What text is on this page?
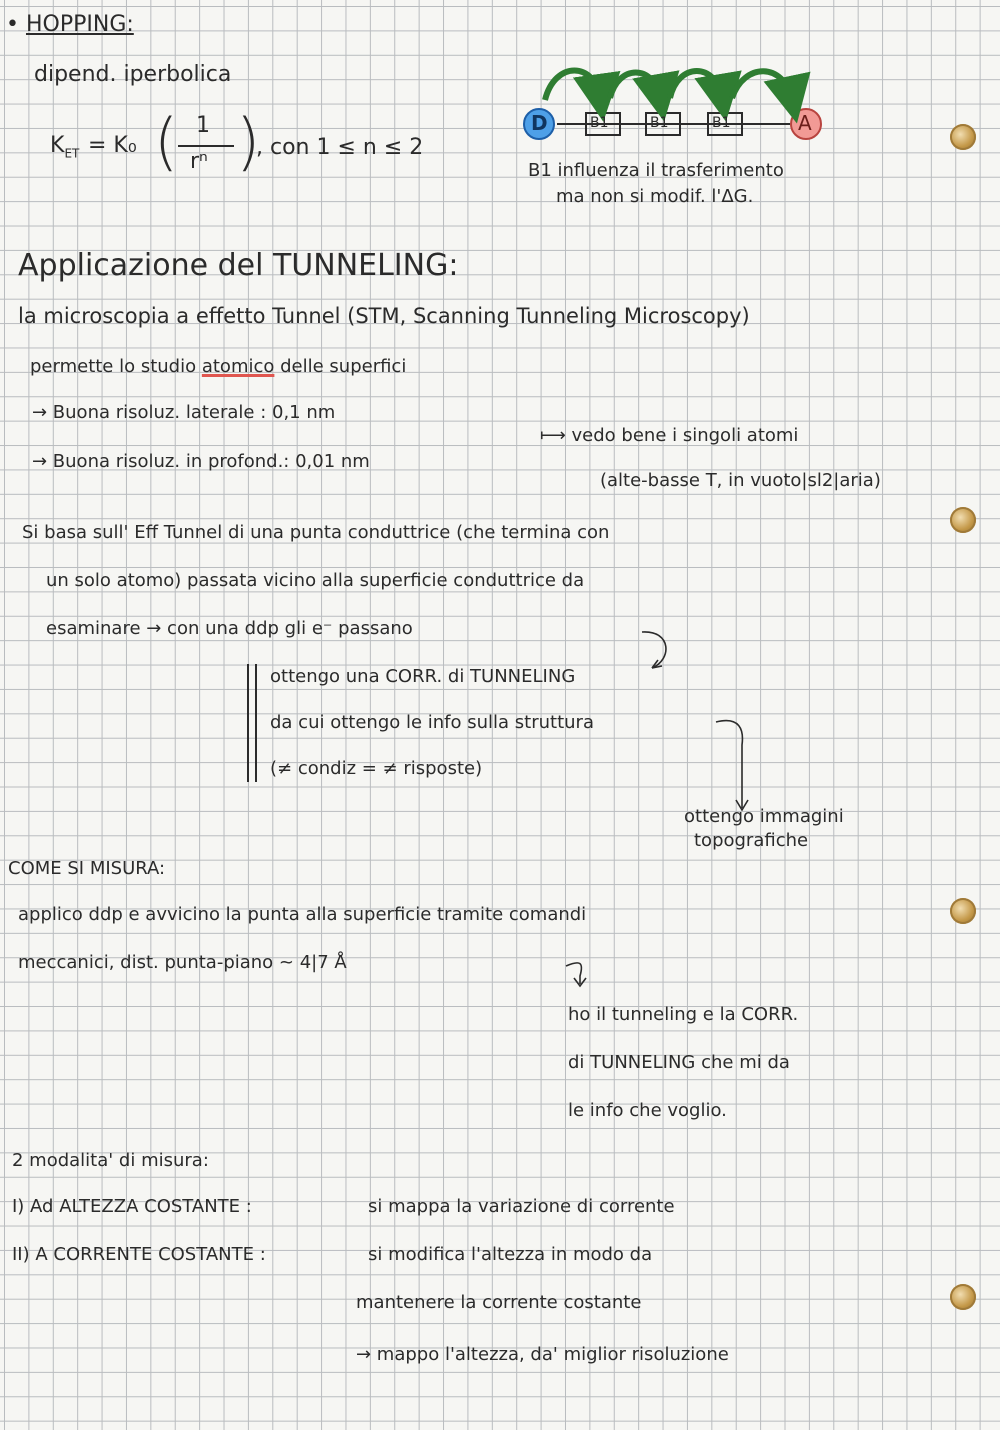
• HOPPING:
dipend. iperbolica
$K_{ET} = K_0$ ( 1
rⁿ )
, con 1 ≤ n ≤ 2
D	A
B1	B1	B1
B1 influenza il trasferimento
ma non si modif. l'ΔG.
Applicazione del TUNNELING:
la microscopia a effetto Tunnel (STM, Scanning Tunneling Microscopy)
permette lo studio atomico delle superfici
→ Buona risoluz. laterale : 0,1 nm
→ Buona risoluz. in profond.: 0,01 nm
⟼ vedo bene i singoli atomi
(alte-basse T, in vuoto|sl2|aria)
Si basa sull' Eff Tunnel di una punta conduttrice (che termina con
un solo atomo) passata vicino alla superficie conduttrice da
esaminare → con una ddp gli e⁻ passano
ottengo una CORR. di TUNNELING
da cui ottengo le info sulla struttura
(≠ condiz = ≠ risposte)
ottengo immagini
topografiche
COME SI MISURA:
applico ddp e avvicino la punta alla superficie tramite comandi
meccanici, dist. punta-piano ~ 4|7 Å
ho il tunneling e la CORR.
di TUNNELING che mi da
le info che voglio.
2 modalita' di misura:
I) Ad ALTEZZA COSTANTE :	si mappa la variazione di corrente
II) A CORRENTE COSTANTE :	si modifica l'altezza in modo da
mantenere la corrente costante
→ mappo l'altezza, da' miglior risoluzione
